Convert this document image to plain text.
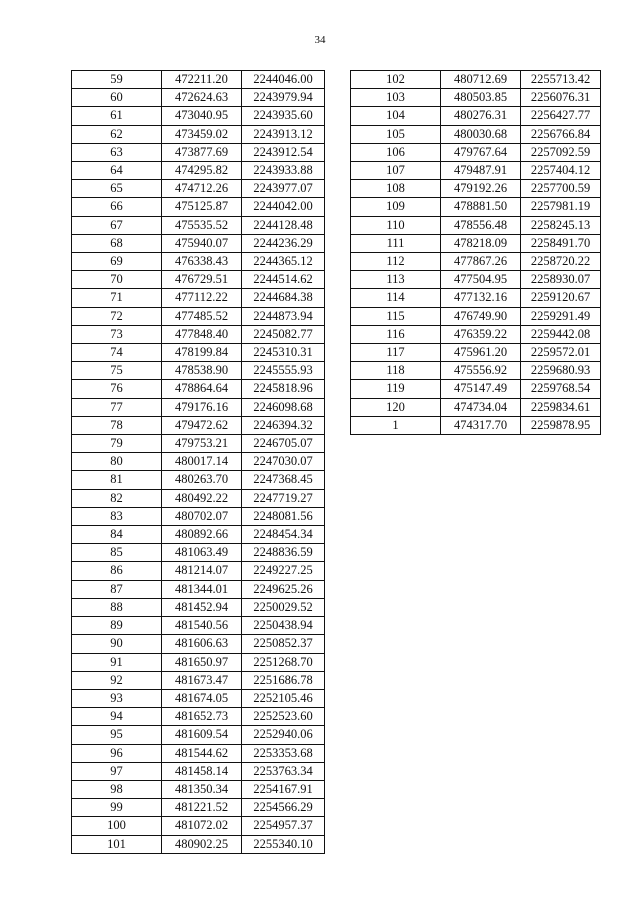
34
59	472211.20	2244046.00
60	472624.63	2243979.94
61	473040.95	2243935.60
62	473459.02	2243913.12
63	473877.69	2243912.54
64	474295.82	2243933.88
65	474712.26	2243977.07
66	475125.87	2244042.00
67	475535.52	2244128.48
68	475940.07	2244236.29
69	476338.43	2244365.12
70	476729.51	2244514.62
71	477112.22	2244684.38
72	477485.52	2244873.94
73	477848.40	2245082.77
74	478199.84	2245310.31
75	478538.90	2245555.93
76	478864.64	2245818.96
77	479176.16	2246098.68
78	479472.62	2246394.32
79	479753.21	2246705.07
80	480017.14	2247030.07
81	480263.70	2247368.45
82	480492.22	2247719.27
83	480702.07	2248081.56
84	480892.66	2248454.34
85	481063.49	2248836.59
86	481214.07	2249227.25
87	481344.01	2249625.26
88	481452.94	2250029.52
89	481540.56	2250438.94
90	481606.63	2250852.37
91	481650.97	2251268.70
92	481673.47	2251686.78
93	481674.05	2252105.46
94	481652.73	2252523.60
95	481609.54	2252940.06
96	481544.62	2253353.68
97	481458.14	2253763.34
98	481350.34	2254167.91
99	481221.52	2254566.29
100	481072.02	2254957.37
101	480902.25	2255340.10
102	480712.69	2255713.42
103	480503.85	2256076.31
104	480276.31	2256427.77
105	480030.68	2256766.84
106	479767.64	2257092.59
107	479487.91	2257404.12
108	479192.26	2257700.59
109	478881.50	2257981.19
110	478556.48	2258245.13
111	478218.09	2258491.70
112	477867.26	2258720.22
113	477504.95	2258930.07
114	477132.16	2259120.67
115	476749.90	2259291.49
116	476359.22	2259442.08
117	475961.20	2259572.01
118	475556.92	2259680.93
119	475147.49	2259768.54
120	474734.04	2259834.61
1	474317.70	2259878.95
